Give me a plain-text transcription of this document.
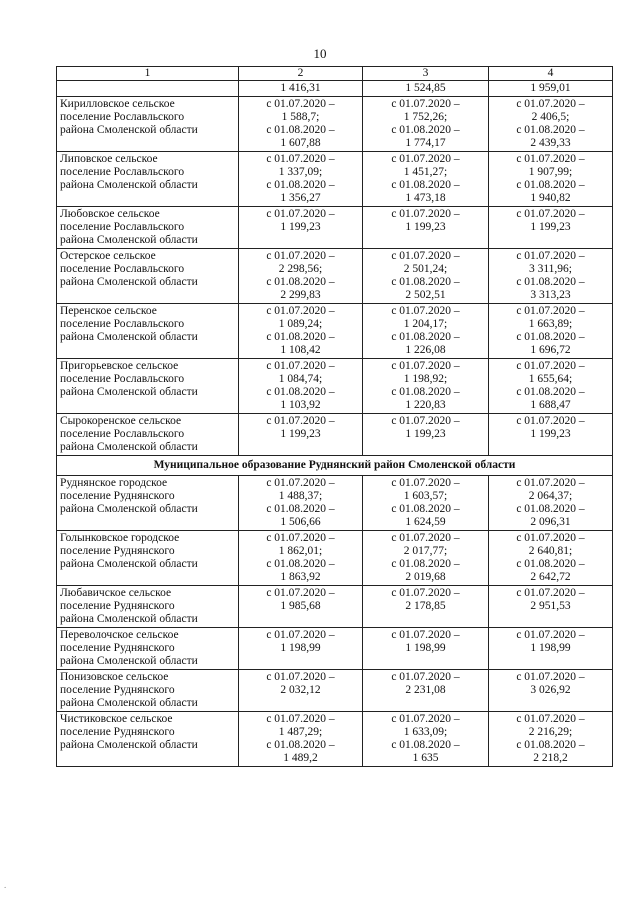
10
1	2	3	4
	1 416,31	1 524,85	1 959,01

Кирилловское сельское
поселение Рославльского
района Смоленской области	с 01.07.2020 –
1 588,7;
с 01.08.2020 –
1 607,88	с 01.07.2020 –
1 752,26;
с 01.08.2020 –
1 774,17	с 01.07.2020 –
2 406,5;
с 01.08.2020 –
2 439,33

Липовское сельское
поселение Рославльского
района Смоленской области	с 01.07.2020 –
1 337,09;
с 01.08.2020 –
1 356,27	с 01.07.2020 –
1 451,27;
с 01.08.2020 –
1 473,18	с 01.07.2020 –
1 907,99;
с 01.08.2020 –
1 940,82

Любовское сельское
поселение Рославльского
района Смоленской области	с 01.07.2020 –
1 199,23	с 01.07.2020 –
1 199,23	с 01.07.2020 –
1 199,23

Остерское сельское
поселение Рославльского
района Смоленской области	с 01.07.2020 –
2 298,56;
с 01.08.2020 –
2 299,83	с 01.07.2020 –
2 501,24;
с 01.08.2020 –
2 502,51	с 01.07.2020 –
3 311,96;
с 01.08.2020 –
3 313,23

Перенское сельское
поселение Рославльского
района Смоленской области	с 01.07.2020 –
1 089,24;
с 01.08.2020 –
1 108,42	с 01.07.2020 –
1 204,17;
с 01.08.2020 –
1 226,08	с 01.07.2020 –
1 663,89;
с 01.08.2020 –
1 696,72

Пригорьевское сельское
поселение Рославльского
района Смоленской области	с 01.07.2020 –
1 084,74;
с 01.08.2020 –
1 103,92	с 01.07.2020 –
1 198,92;
с 01.08.2020 –
1 220,83	с 01.07.2020 –
1 655,64;
с 01.08.2020 –
1 688,47

Сырокоренское сельское
поселение Рославльского
района Смоленской области	с 01.07.2020 –
1 199,23	с 01.07.2020 –
1 199,23	с 01.07.2020 –
1 199,23

Муниципальное образование Руднянский район Смоленской области			

Руднянское городское
поселение Руднянского
района Смоленской области	с 01.07.2020 –
1 488,37;
с 01.08.2020 –
1 506,66	с 01.07.2020 –
1 603,57;
с 01.08.2020 –
1 624,59	с 01.07.2020 –
2 064,37;
с 01.08.2020 –
2 096,31

Голынковское городское
поселение Руднянского
района Смоленской области	с 01.07.2020 –
1 862,01;
с 01.08.2020 –
1 863,92	с 01.07.2020 –
2 017,77;
с 01.08.2020 –
2 019,68	с 01.07.2020 –
2 640,81;
с 01.08.2020 –
2 642,72

Любавичское сельское
поселение Руднянского
района Смоленской области	с 01.07.2020 –
1 985,68	с 01.07.2020 –
2 178,85	с 01.07.2020 –
2 951,53

Переволочское сельское
поселение Руднянского
района Смоленской области	с 01.07.2020 –
1 198,99	с 01.07.2020 –
1 198,99	с 01.07.2020 –
1 198,99

Понизовское сельское
поселение Руднянского
района Смоленской области	с 01.07.2020 –
2 032,12	с 01.07.2020 –
2 231,08	с 01.07.2020 –
3 026,92

Чистиковское сельское
поселение Руднянского
района Смоленской области	с 01.07.2020 –
1 487,29;
с 01.08.2020 –
1 489,2	с 01.07.2020 –
1 633,09;
с 01.08.2020 –
1 635	с 01.07.2020 –
2 216,29;
с 01.08.2020 –
2 218,2
.
